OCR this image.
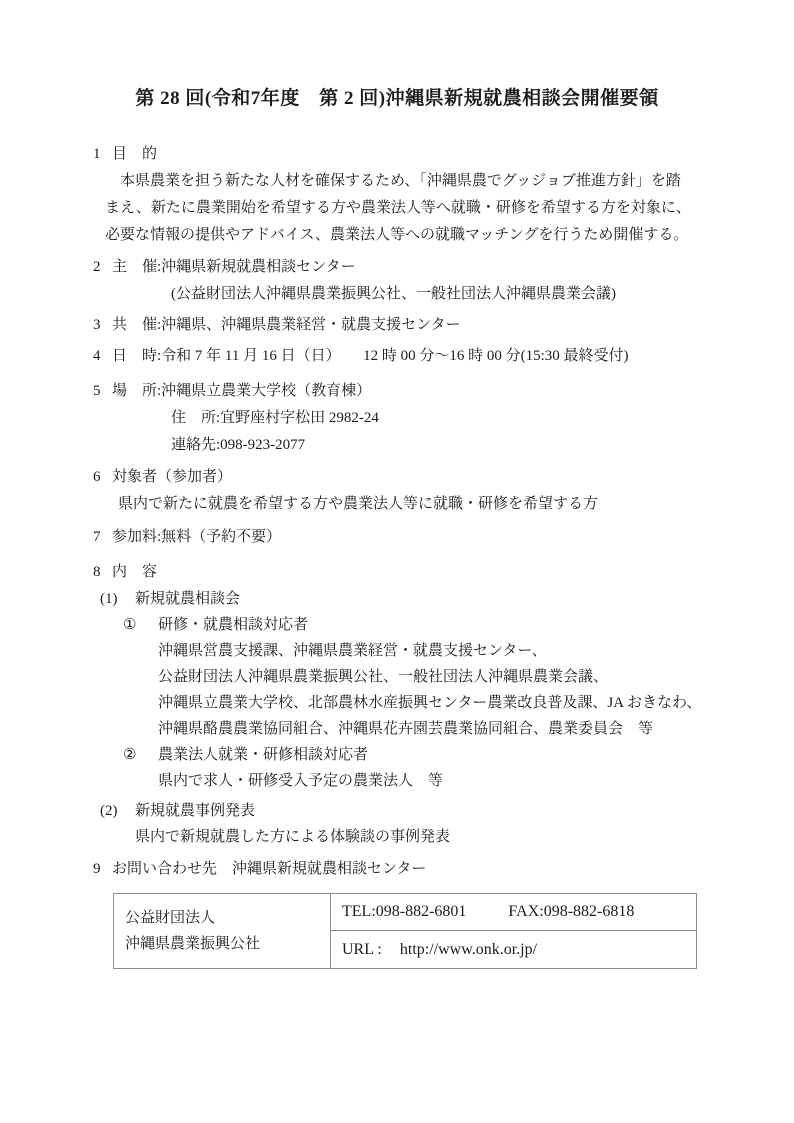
第 28 回(令和7年度　第 2 回)沖縄県新規就農相談会開催要領
1 目　的
本県農業を担う新たな人材を確保するため、「沖縄県農でグッジョブ推進方針」を踏
まえ、新たに農業開始を希望する方や農業法人等へ就職・研修を希望する方を対象に、
必要な情報の提供やアドバイス、農業法人等への就職マッチングを行うため開催する。
2 主　催:沖縄県新規就農相談センター
(公益財団法人沖縄県農業振興公社、一般社団法人沖縄県農業会議)
3 共　催:沖縄県、沖縄県農業経営・就農支援センター
4 日　時:令和 7 年 11 月 16 日（日）　　12 時 00 分～16 時 00 分(15:30 最終受付)
5 場　所:沖縄県立農業大学校（教育棟）
住　所:宜野座村字松田 2982-24
連絡先:098-923-2077
6 対象者（参加者）
県内で新たに就農を希望する方や農業法人等に就職・研修を希望する方
7 参加料:無料（予約不要）
8 内　容
(1) 新規就農相談会
① 研修・就農相談対応者
沖縄県営農支援課、沖縄県農業経営・就農支援センター、
公益財団法人沖縄県農業振興公社、一般社団法人沖縄県農業会議、
沖縄県立農業大学校、北部農林水産振興センター農業改良普及課、JA おきなわ、
沖縄県酪農農業協同組合、沖縄県花卉園芸農業協同組合、農業委員会　等
② 農業法人就業・研修相談対応者
県内で求人・研修受入予定の農業法人　等
(2) 新規就農事例発表
県内で新規就農した方による体験談の事例発表
9 お問い合わせ先　沖縄県新規就農相談センター
公益財団法人
沖縄県農業振興公社
TEL:098-882-6801	FAX:098-882-6818
URL : http://www.onk.or.jp/
